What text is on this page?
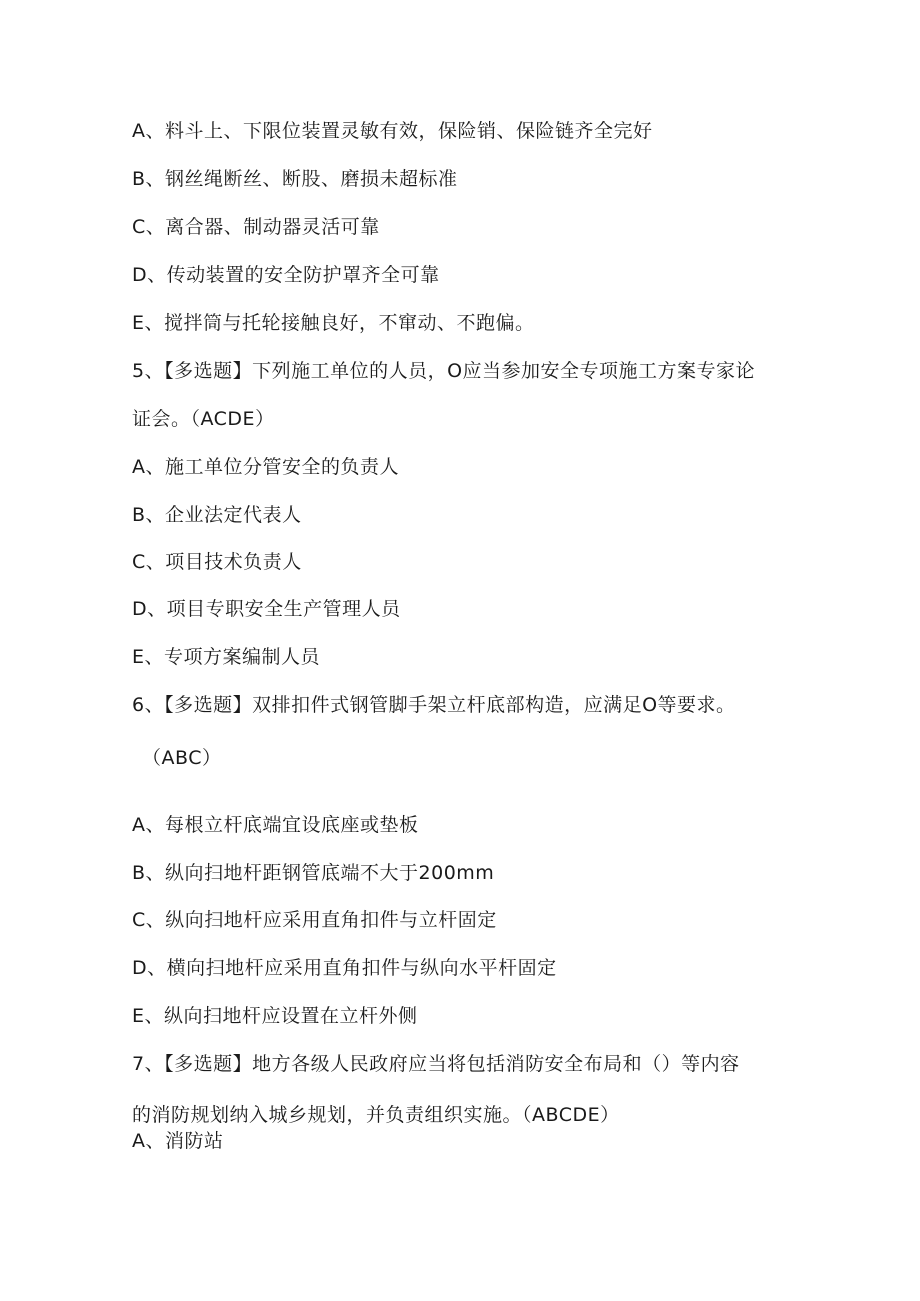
A、料斗上、下限位装置灵敏有效，保险销、保险链齐全完好
B、钢丝绳断丝、断股、磨损未超标准
C、离合器、制动器灵活可靠
D、传动装置的安全防护罩齐全可靠
E、搅拌筒与托轮接触良好，不窜动、不跑偏。
5、【多选题】下列施工单位的人员，O应当参加安全专项施工方案专家论
证会。（ACDE）
A、施工单位分管安全的负责人
B、企业法定代表人
C、项目技术负责人
D、项目专职安全生产管理人员
E、专项方案编制人员
6、【多选题】双排扣件式钢管脚手架立杆底部构造，应满足O等要求。
（ABC）
A、每根立杆底端宜设底座或垫板
B、纵向扫地杆距钢管底端不大于200mm
C、纵向扫地杆应采用直角扣件与立杆固定
D、横向扫地杆应采用直角扣件与纵向水平杆固定
E、纵向扫地杆应设置在立杆外侧
7、【多选题】地方各级人民政府应当将包括消防安全布局和（）等内容
的消防规划纳入城乡规划，并负责组织实施。（ABCDE）
A、消防站
